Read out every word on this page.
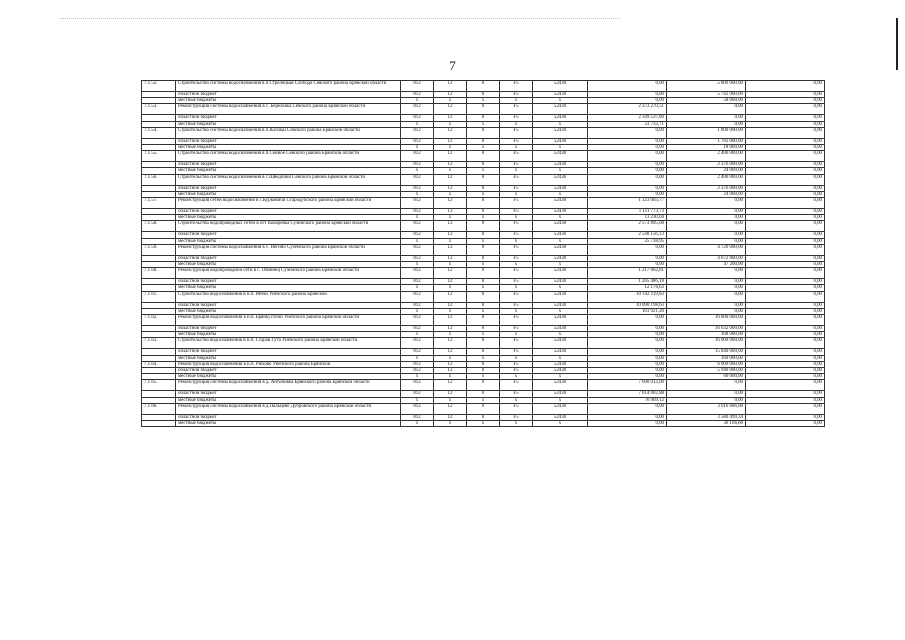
7
7.1.52.	Строительство системы водоснабжения в п.Стрелецкая Слобода Севского района Брянской области	812	12	0	F5	52430	0,00	5 800 000,00	0,00
	областной бюджет	812	12	0	F5	52430	0,00	5 742 000,00	0,00
	местные бюджеты	х	х	х	х	х	0,00	58 000,00	0,00
7.1.53.	Реконструкция системы водоснабжения в с. Березовка Севского района Брянской области	812	12	0	F5	52430	2 373 270,51	0,00	0,00
	областной бюджет	812	12	0	F5	52430	2 349 537,80	0,00	0,00
	местные бюджеты	х	х	х	х	х	23 732,71	0,00	0,00
7.1.54.	Строительство системы водоснабжения в п.Косицы Севского района Брянской области	812	12	0	F5	52430	0,00	1 800 000,00	0,00
	областной бюджет	812	12	0	F5	52430	0,00	1 782 000,00	0,00
	местные бюджеты	х	х	х	х	х	0,00	18 000,00	0,00
7.1.55.	Строительство системы водоснабжения в п.Сенное Севского района Брянской области	812	12	0	F5	52430	0,00	2 400 000,00	0,00
	областной бюджет	812	12	0	F5	52430	0,00	2 376 000,00	0,00
	местные бюджеты	х	х	х	х	х	0,00	24 000,00	0,00
7.1.56.	Строительство системы водоснабжения в с.Шведчики Севского района Брянской области	812	12	0	F5	52430	0,00	2 400 000,00	0,00
	областной бюджет	812	12	0	F5	52430	0,00	2 376 000,00	0,00
	местные бюджеты	х	х	х	х	х	0,00	24 000,00	0,00
7.1.57.	Реконструкция сетей водоснабжения в с.Курковичи Стародубского района Брянской области	812	12	0	F5	52430	1 123 003,77	0,00	0,00
	областной бюджет	812	12	0	F5	52430	1 111 773,73	0,00	0,00
	местные бюджеты	х	х	х	х	х	11 230,04	0,00	0,00
7.1.58.	Строительство водопроводных сетей в пгт Кокоревка Суземского района Брянской области	812	12	0	F5	52430	2 573 895,08	0,00	0,00
	областной бюджет	812	12	0	F5	52430	2 548 156,13	0,00	0,00
	местные бюджеты	х	х	х	х	х	25 738,95	0,00	0,00
7.1.59.	Реконструкция системы водоснабжения в с. Негино Суземского района Брянской области	812	12	0	F5	52430	0,00	4 720 000,00	0,00
	областной бюджет	812	12	0	F5	52430	0,00	4 672 800,00	0,00
	местные бюджеты	х	х	х	х	х	0,00	47 200,00	0,00
7.1.60.	Реконструкция водопроводной сети в с. Овчинец Суземского района Брянской области	812	12	0	F5	52430	1 217 662,81	0,00	0,00
	областной бюджет	812	12	0	F5	52430	1 205 486,18	0,00	0,00
	местные бюджеты	х	х	х	х	х	12 176,63	0,00	0,00
7.1.61.	Строительство водоснабжения в н.п. Рябчи Унечского района Брянской	812	12	0	F5	52430	10 192 119,83	0,00	0,00
	областной бюджет	812	12	0	F5	52430	10 090 198,63	0,00	0,00
	местные бюджеты	х	х	х	х	х	101 921,20	0,00	0,00
7.1.62.	Реконструкция водоснабжения в н.п. Брянкустичи Унечского района Брянской области	812	12	0	F5	52430	0,00	16 800 000,00	0,00
	областной бюджет	812	12	0	F5	52430	0,00	16 632 000,00	0,00
	местные бюджеты	х	х	х	х	х	0,00	168 000,00	0,00
7.1.63.	Строительство водоснабжения в н.п. Старая Гута Унечского района Брянской области	812	12	0	F5	52430	0,00	16 000 000,00	0,00
	областной бюджет	812	12	0	F5	52430	0,00	15 840 000,00	0,00
	местные бюджеты	х	х	х	х	х	0,00	160 000,00	0,00
7.1.64.	Реконструкция водоснабжения в н.п. Рюхово Унечского района Брянской	812	12	0	F5	52430	0,00	6 000 000,00	0,00
	областной бюджет	812	12	0	F5	52430	0,00	5 940 000,00	0,00
	местные бюджеты	х	х	х	х	х	0,00	60 000,00	0,00
7.1.65.	Реконструкция системы водоснабжения в д. Антоновка Брянского района Брянской области	812	12	0	F5	52430	7 690 912,00	0,00	0,00
	областной бюджет	812	12	0	F5	52430	7 614 002,88	0,00	0,00
	местные бюджеты	х	х	х	х	х	76 909,12	0,00	0,00
7.1.66.	Реконструкция системы водоснабжения в д.Пальцево Дубровского района Брянской области	812	12	0	F5	52430	0,00	3 616 666,00	0,00
	областной бюджет	812	12	0	F5	52430	0,00	3 580 499,34	0,00
	местные бюджеты	х	х	х	х	х	0,00	36 166,66	0,00
